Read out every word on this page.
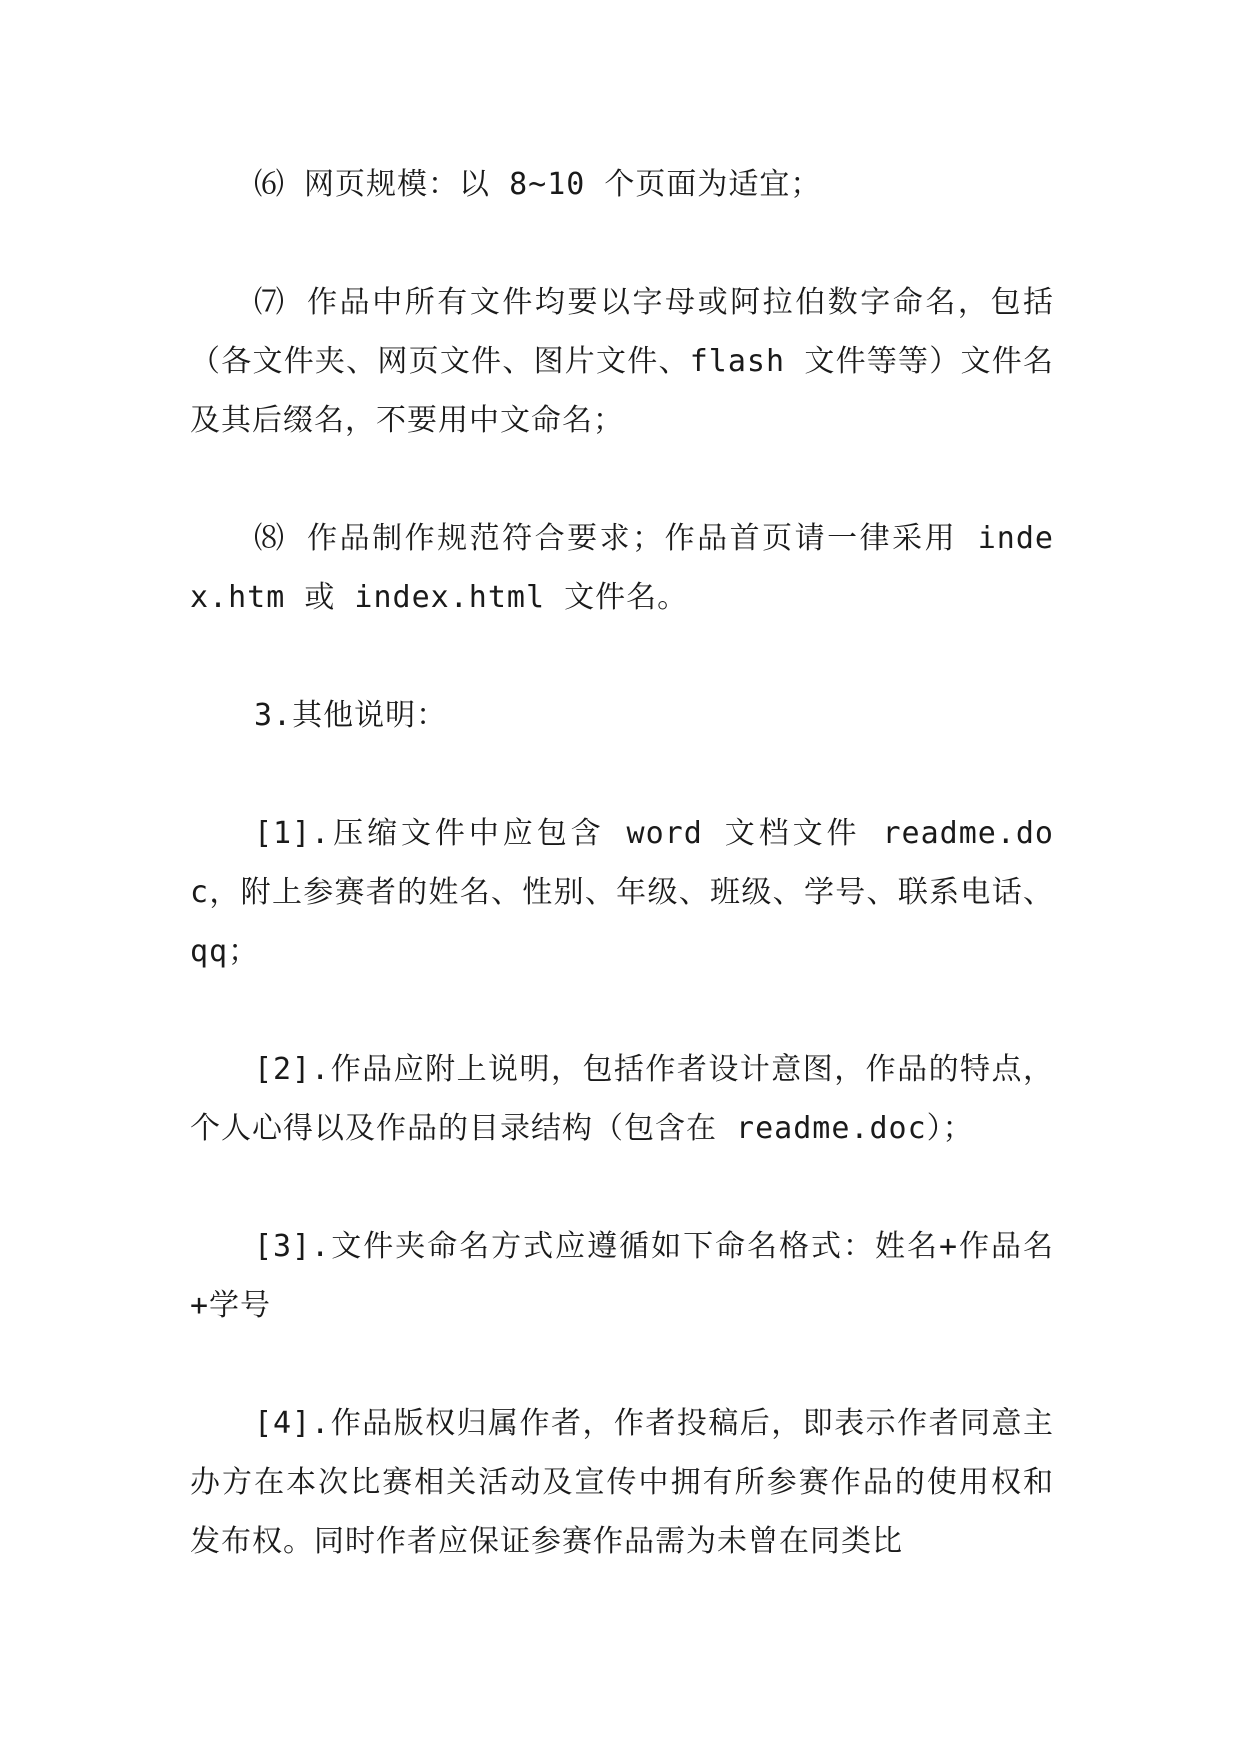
⑹ 网页规模：以 8~10 个页面为适宜；

⑺ 作品中所有文件均要以字母或阿拉伯数字命名，包括（各文件夹、网页文件、图片文件、flash 文件等等）文件名及其后缀名，不要用中文命名；

⑻ 作品制作规范符合要求；作品首页请一律采用 index.htm 或 index.html 文件名。

3.其他说明：

[1].压缩文件中应包含 word 文档文件 readme.doc，附上参赛者的姓名、性别、年级、班级、学号、联系电话、qq；

[2].作品应附上说明，包括作者设计意图，作品的特点，个人心得以及作品的目录结构（包含在 readme.doc）；

[3].文件夹命名方式应遵循如下命名格式：姓名+作品名+学号

[4].作品版权归属作者，作者投稿后，即表示作者同意主办方在本次比赛相关活动及宣传中拥有所参赛作品的使用权和发布权。同时作者应保证参赛作品需为未曾在同类比
